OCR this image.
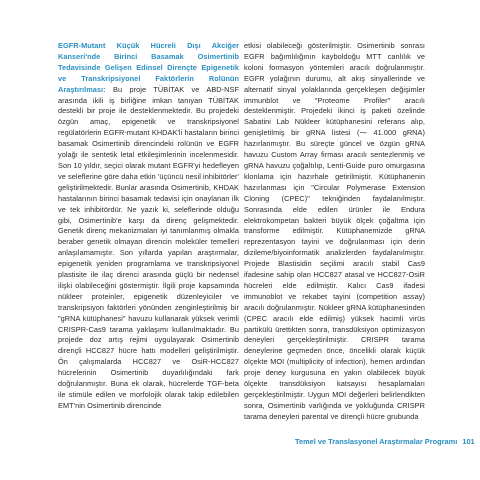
EGFR-Mutant Küçük Hücreli Dışı Akciğer Kanseri'nde Birinci Basamak Osimertinib Tedavisinde Gelişen Edinsel Dirençte Epigenetik ve Transkripsiyonel Faktörlerin Rolünün Araştırılması: Bu proje TÜBİTAK ve ABD-NSF arasında ikili iş birliğine imkan tanıyan TÜBİTAK destekli bir proje ile desteklenmektedir. Bu projedeki özgün amaç, epigenetik ve transkripsiyonel regülatörlerin EGFR-mutant KHDAK'li hastaların birinci basamak Osimertinib direncindeki rolünün ve EGFR yolağı ile sentetik letal etkileşimlerinin incelenmesidir. Son 10 yıldır, seçici olarak mutant EGFR'yi hedefleyen ve seleflerine göre daha etkin 'üçüncü nesil inhibitörler' geliştirilmektedir. Bunlar arasında Osimertinib, KHDAK hastalarının birinci basamak tedavisi için onaylanan ilk ve tek inhibitördür. Ne yazık ki, seleflerinde olduğu gibi, Osimertinib'e karşı da direnç gelişmektedir. Genetik direnç mekanizmaları iyi tanımlanmış olmakla beraber genetik olmayan direncin moleküler temelleri anlaşılamamıştır. Son yıllarda yapılan araştırmalar, epigenetik yeniden programlama ve transkripsiyonel plastisite ile ilaç direnci arasında güçlü bir nedensel ilişki olabileceğini göstermiştir. İlgili proje kapsamında nükleer proteinler, epigenetik düzenleyiciler ve transkripsiyon faktörleri yönünden zenginleştirilmiş bir "gRNA kütüphanesi" havuzu kullanarak yüksek verimli CRISPR-Cas9 tarama yaklaşımı kullanılmaktadır. Bu projede doz artış rejimi uygulayarak Osimertinib dirençli HCC827 hücre hattı modelleri geliştirilmiştir. Ön çalışmalarda HCC827 ve OsiR-HCC827 hücrelerinin Osimertinib duyarlılığındaki fark doğrulanmıştır. Buna ek olarak, hücrelerde TGF-beta ile stimüle edilen ve morfolojik olarak takip edilebilen EMT'nin Osimertinib direncinde

etkisi olabileceği gösterilmiştir. Osimertinib sonrası EGFR bağımlılığının kayboldoğu MTT canlılık ve koloni formasyon yöntemleri aracılı doğrulanmıştır. EGFR yolağının durumu, alt akış sinyallerinde ve alternatif sinyal yolaklarında gerçekleşen değişimler immunblot ve "Proteome Profiler" aracılı desteklenmiştir. Projedeki ikinci iş paketi özelinde Sabatini Lab Nükleer kütüphanesini referans alıp, genişletilmiş bir gRNA listesi (⁓ 41.000 gRNA) hazırlanmıştır. Bu süreçte güncel ve özgün gRNA havuzu Custom Array firması aracılı sentezlenmiş ve gRNA havuzu çoğaltılıp, Lenti-Guide puro omurgasına klonlama için hazırhale getirilmiştir. Kütüphanenin hazırlanması için "Circular Polymerase Extension Cloning (CPEC)" tekniğinden faydalanılmıştır. Sonrasında elde edilen ürünler ile Endura elektrokompetan bakteri büyük ölçek çoğaltma için transforme edilmiştir. Kütüphanemizde gRNA reprezentasyon tayini ve doğrulanması için derin dizileme/biyoinformatik analizlerden faydalanılmıştır. Projede Blastisidin seçilimi aracılı stabil Cas9 ifadesine sahip olan HCC827 atasal ve HCC827-OsiR hücreleri elde edilmiştir. Kalıcı Cas9 ifadesi immunoblot ve rekabet tayini (competition assay) aracılı doğrulanmıştır. Nükleer gRNA kütüphanesinden (CPEC aracılı elde edilmiş) yüksek hacimli virüs partikülü ürettikten sonra, transdüksiyon optimizasyon deneyleri gerçekleştirilmiştir. CRISPR tarama deneylerine geçmeden önce, öncelikli olarak küçük ölçekte MOI (multiplicity of infection), hemen ardından proje deney kurgusuna en yakın olabilecek büyük ölçekte transdüksiyon katsayısı hesaplamaları gerçekleştirilmiştir. Uygun MOI değerleri belirlendikten sonra, Osimertinib varlığında ve yokluğunda CRISPR tarama deneyleri parental ve dirençli hücre grubunda

Temel ve Translasyonel Araştırmalar Programı 101
